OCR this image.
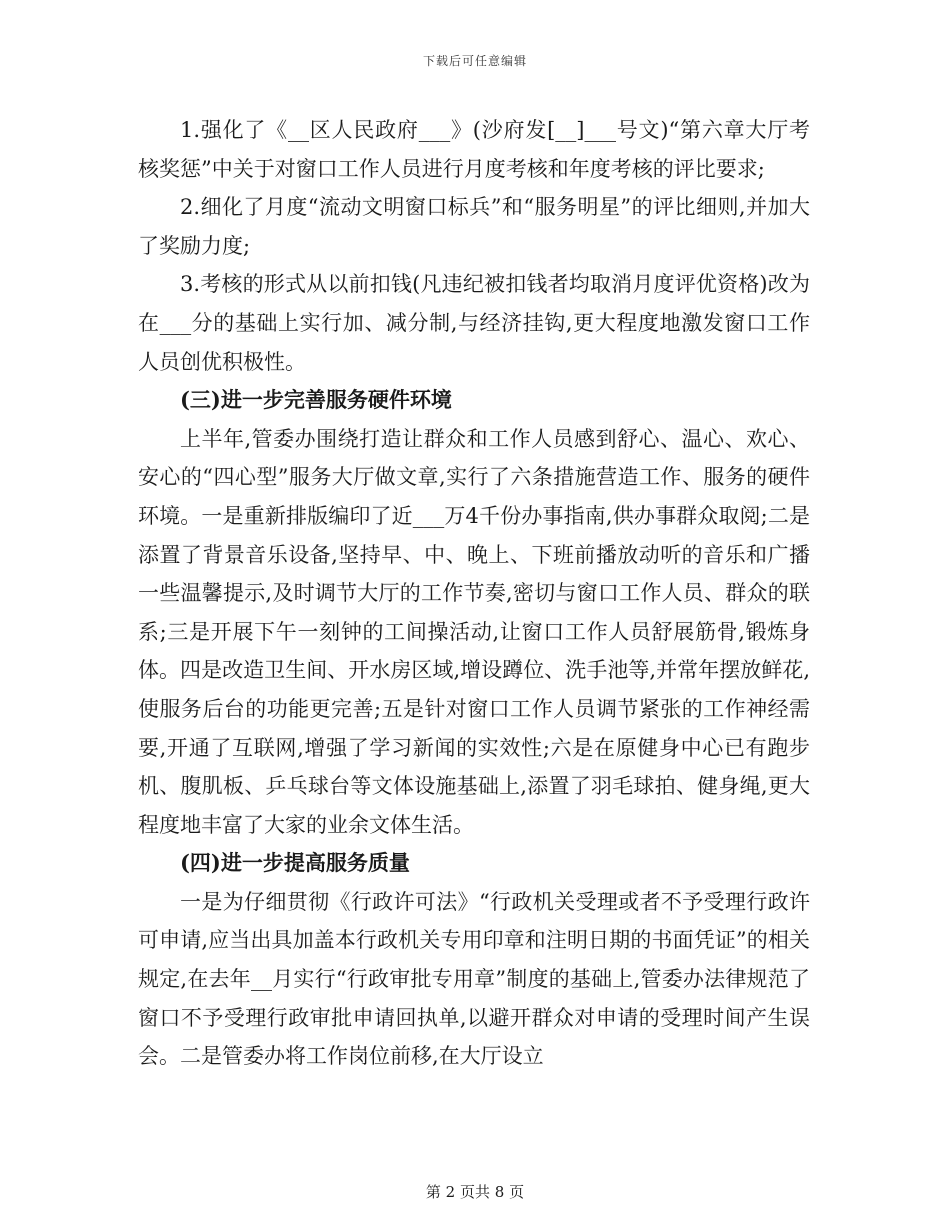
下载后可任意编辑

1.强化了《__区人民政府___》(沙府发[__]___号文)“第六章大厅考核奖惩”中关于对窗口工作人员进行月度考核和年度考核的评比要求;

2.细化了月度“流动文明窗口标兵”和“服务明星”的评比细则,并加大了奖励力度;

3.考核的形式从以前扣钱(凡违纪被扣钱者均取消月度评优资格)改为在___分的基础上实行加、减分制,与经济挂钩,更大程度地激发窗口工作人员创优积极性。

(三)进一步完善服务硬件环境

上半年,管委办围绕打造让群众和工作人员感到舒心、温心、欢心、安心的“四心型”服务大厅做文章,实行了六条措施营造工作、服务的硬件环境。一是重新排版编印了近___万4千份办事指南,供办事群众取阅;二是添置了背景音乐设备,坚持早、中、晚上、下班前播放动听的音乐和广播一些温馨提示,及时调节大厅的工作节奏,密切与窗口工作人员、群众的联系;三是开展下午一刻钟的工间操活动,让窗口工作人员舒展筋骨,锻炼身体。四是改造卫生间、开水房区域,增设蹲位、洗手池等,并常年摆放鲜花,使服务后台的功能更完善;五是针对窗口工作人员调节紧张的工作神经需要,开通了互联网,增强了学习新闻的实效性;六是在原健身中心已有跑步机、腹肌板、乒乓球台等文体设施基础上,添置了羽毛球拍、健身绳,更大程度地丰富了大家的业余文体生活。

(四)进一步提高服务质量

一是为仔细贯彻《行政许可法》“行政机关受理或者不予受理行政许可申请,应当出具加盖本行政机关专用印章和注明日期的书面凭证”的相关规定,在去年__月实行“行政审批专用章”制度的基础上,管委办法律规范了窗口不予受理行政审批申请回执单,以避开群众对申请的受理时间产生误会。二是管委办将工作岗位前移,在大厅设立

第 2 页共 8 页
